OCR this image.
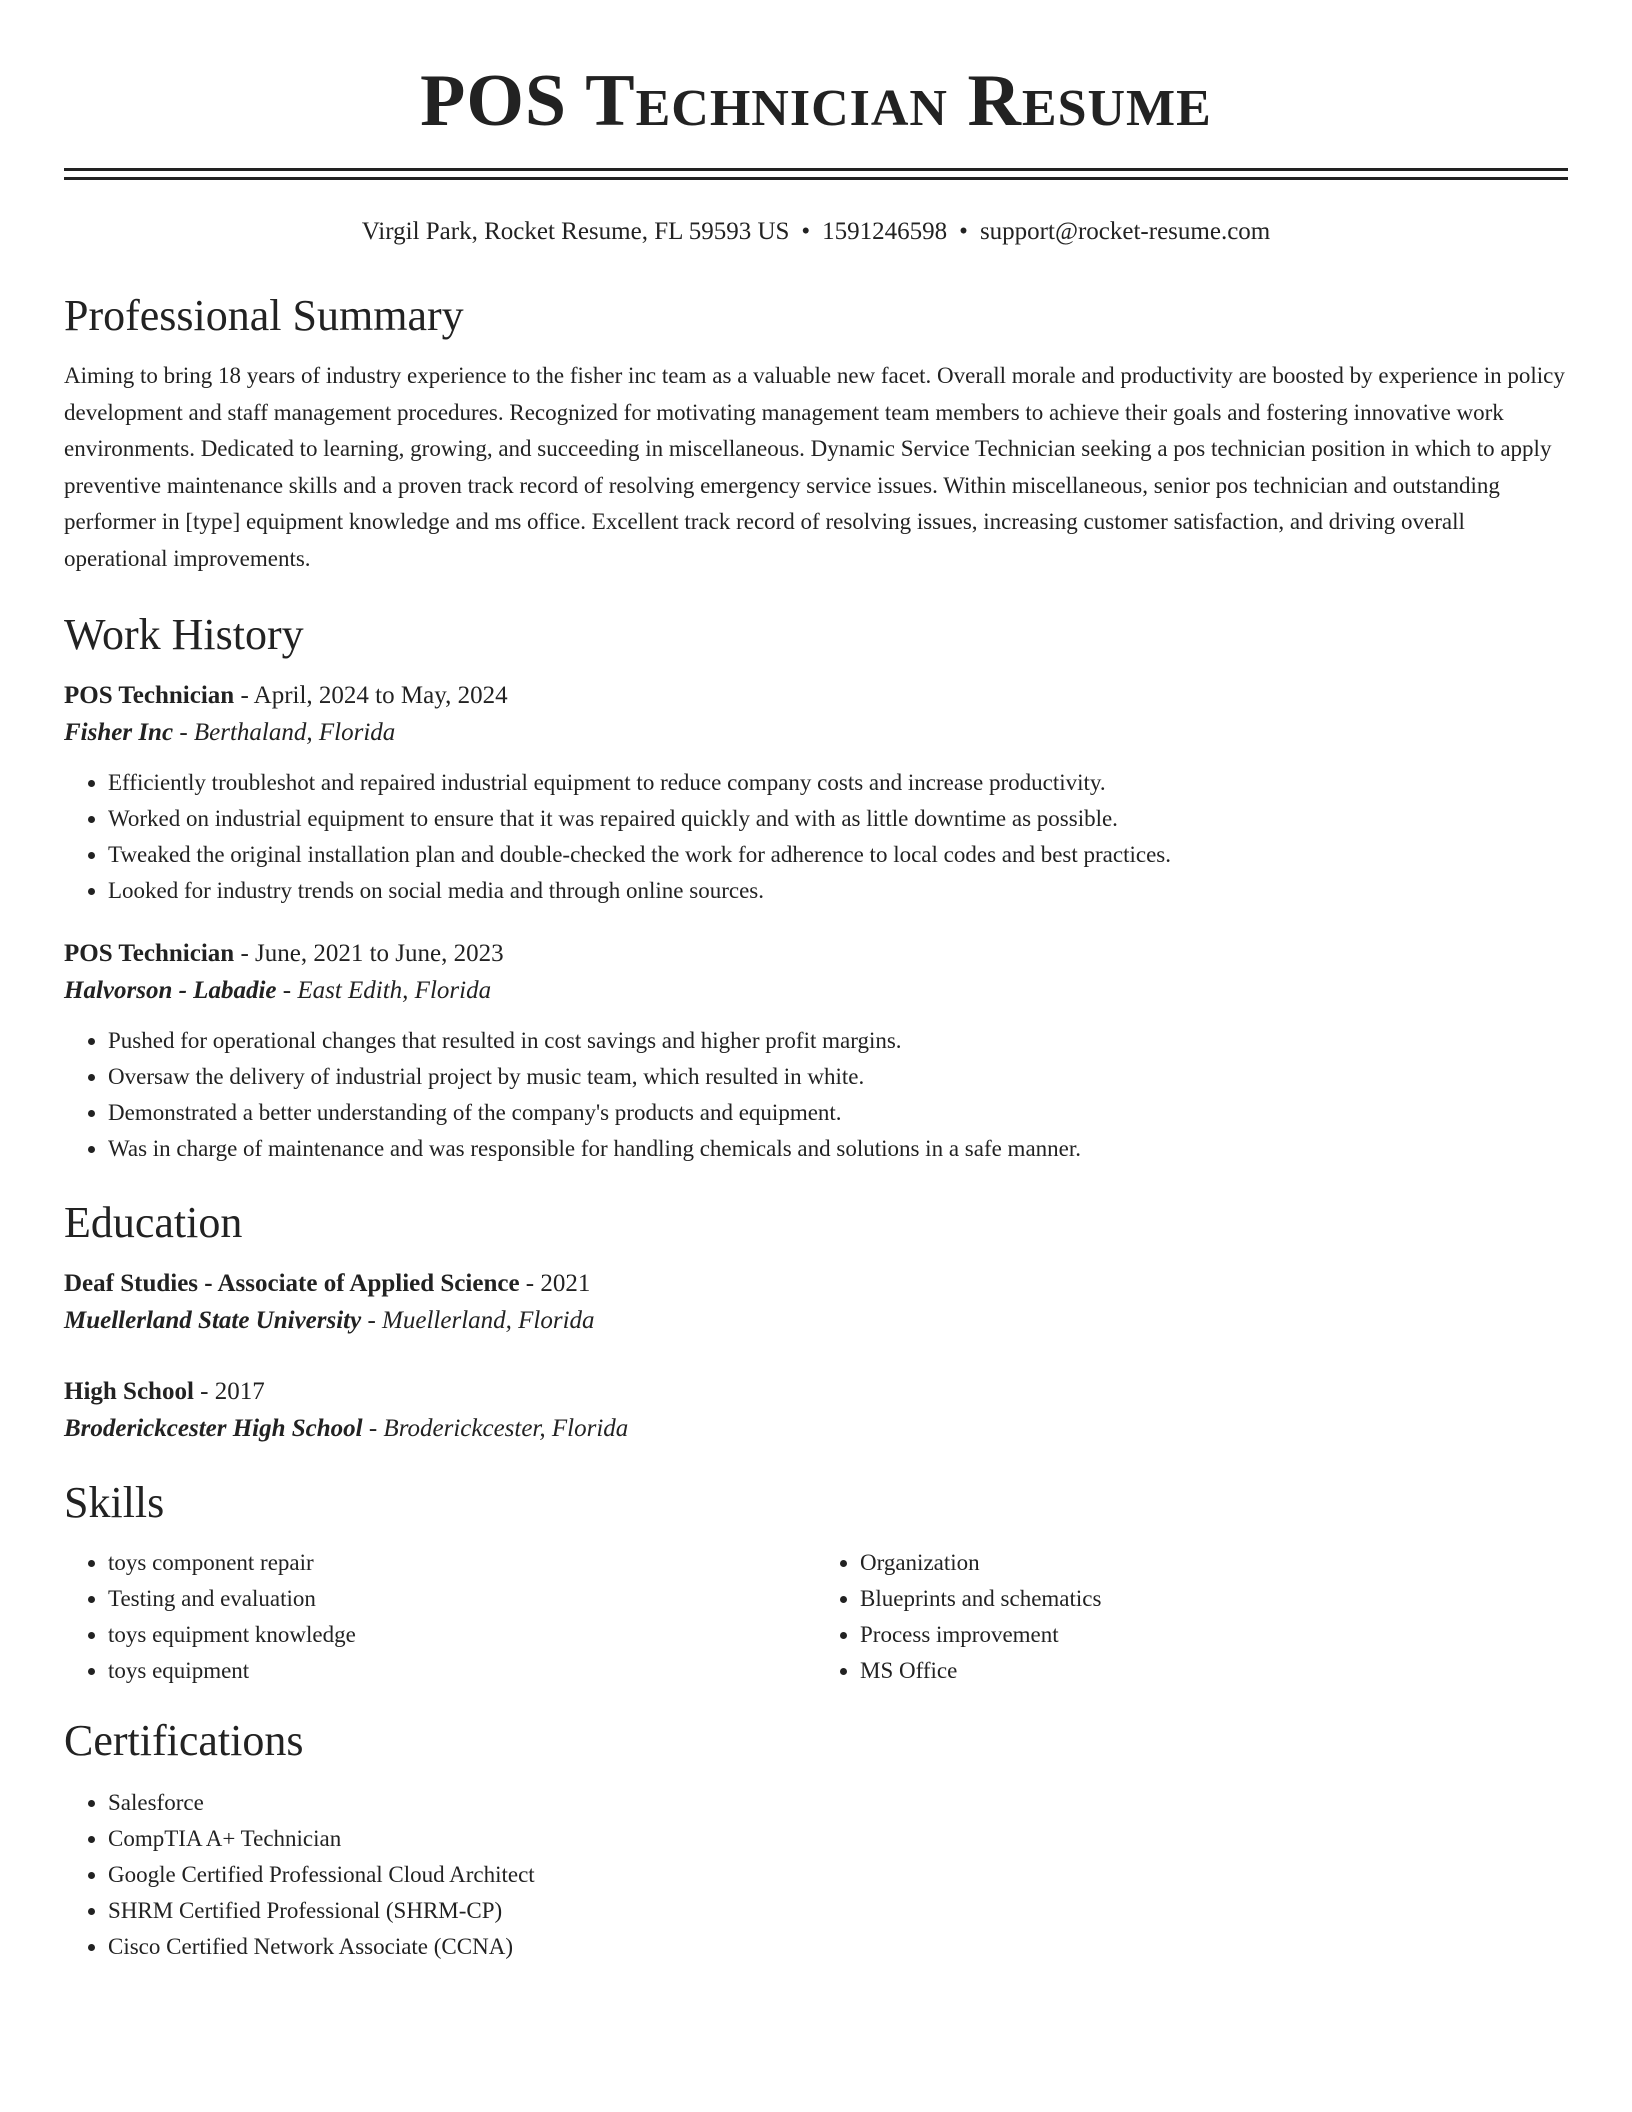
POS Technician Resume
Virgil Park, Rocket Resume, FL 59593 US • 1591246598 • support@rocket-resume.com
Professional Summary

Aiming to bring 18 years of industry experience to the fisher inc team as a valuable new facet. Overall morale and productivity are boosted by experience in policy development and staff management procedures. Recognized for motivating management team members to achieve their goals and fostering innovative work environments. Dedicated to learning, growing, and succeeding in miscellaneous. Dynamic Service Technician seeking a pos technician position in which to apply preventive maintenance skills and a proven track record of resolving emergency service issues. Within miscellaneous, senior pos technician and outstanding performer in [type] equipment knowledge and ms office. Excellent track record of resolving issues, increasing customer satisfaction, and driving overall operational improvements.

Work History
POS Technician - April, 2024 to May, 2024
Fisher Inc - Berthaland, Florida
• Efficiently troubleshot and repaired industrial equipment to reduce company costs and increase productivity.
• Worked on industrial equipment to ensure that it was repaired quickly and with as little downtime as possible.
• Tweaked the original installation plan and double-checked the work for adherence to local codes and best practices.
• Looked for industry trends on social media and through online sources.
POS Technician - June, 2021 to June, 2023
Halvorson - Labadie - East Edith, Florida
• Pushed for operational changes that resulted in cost savings and higher profit margins.
• Oversaw the delivery of industrial project by music team, which resulted in white.
• Demonstrated a better understanding of the company's products and equipment.
• Was in charge of maintenance and was responsible for handling chemicals and solutions in a safe manner.
Education
Deaf Studies - Associate of Applied Science - 2021
Muellerland State University - Muellerland, Florida
High School - 2017
Broderickcester High School - Broderickcester, Florida
Skills
• toys component repair
• Testing and evaluation
• toys equipment knowledge
• toys equipment
• Organization
• Blueprints and schematics
• Process improvement
• MS Office
Certifications
• Salesforce
• CompTIA A+ Technician
• Google Certified Professional Cloud Architect
• SHRM Certified Professional (SHRM-CP)
• Cisco Certified Network Associate (CCNA)
